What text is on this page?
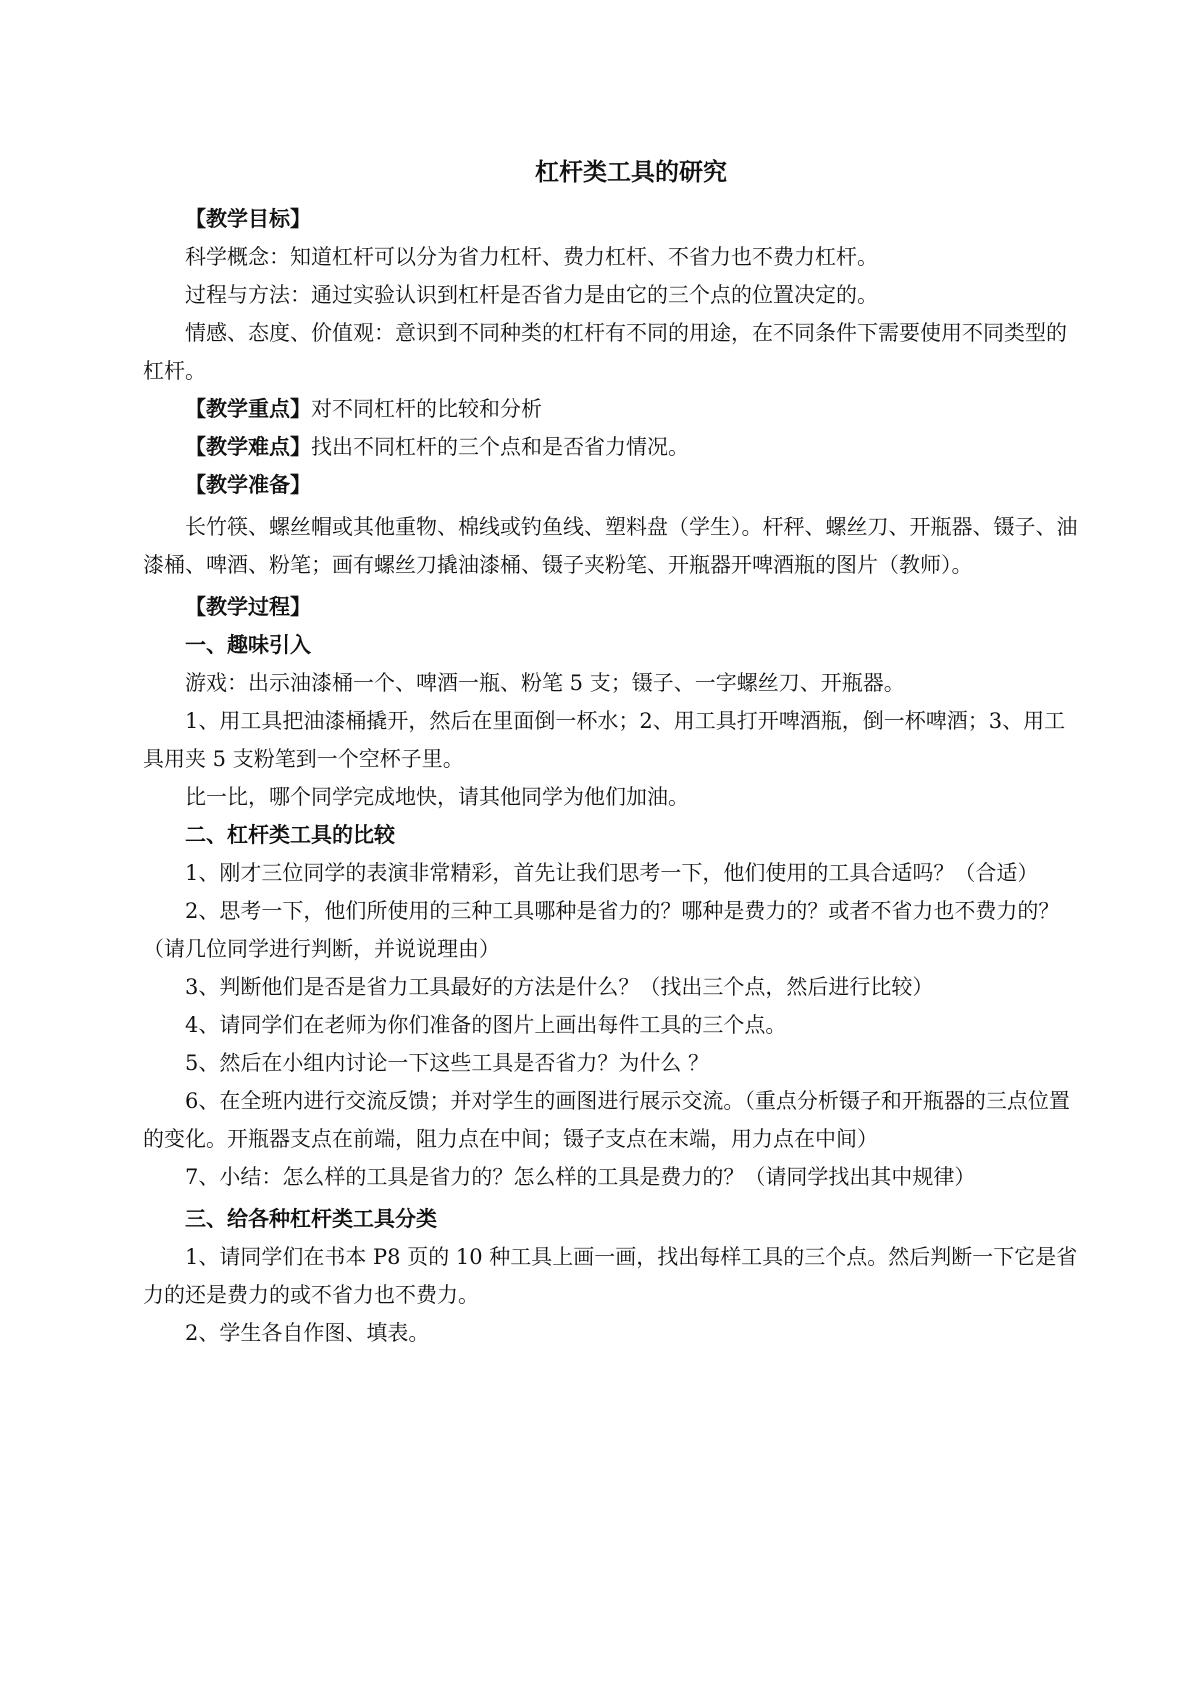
杠杆类工具的研究

【教学目标】

科学概念：知道杠杆可以分为省力杠杆、费力杠杆、不省力也不费力杠杆。

过程与方法：通过实验认识到杠杆是否省力是由它的三个点的位置决定的。

情感、态度、价值观：意识到不同种类的杠杆有不同的用途，在不同条件下需要使用不同类型的杠杆。

【教学重点】对不同杠杆的比较和分析

【教学难点】找出不同杠杆的三个点和是否省力情况。

【教学准备】

长竹筷、螺丝帽或其他重物、棉线或钓鱼线、塑料盘（学生）。杆秤、螺丝刀、开瓶器、镊子、油漆桶、啤酒、粉笔；画有螺丝刀撬油漆桶、镊子夹粉笔、开瓶器开啤酒瓶的图片（教师）。

【教学过程】

一、趣味引入

游戏：出示油漆桶一个、啤酒一瓶、粉笔 5 支；镊子、一字螺丝刀、开瓶器。

1、用工具把油漆桶撬开，然后在里面倒一杯水；2、用工具打开啤酒瓶，倒一杯啤酒；3、用工具用夹 5 支粉笔到一个空杯子里。

比一比，哪个同学完成地快，请其他同学为他们加油。

二、杠杆类工具的比较

1、刚才三位同学的表演非常精彩，首先让我们思考一下，他们使用的工具合适吗？（合适）

2、思考一下，他们所使用的三种工具哪种是省力的？哪种是费力的？或者不省力也不费力的？（请几位同学进行判断，并说说理由）

3、判断他们是否是省力工具最好的方法是什么？（找出三个点，然后进行比较）

4、请同学们在老师为你们准备的图片上画出每件工具的三个点。

5、然后在小组内讨论一下这些工具是否省力？为什么 ？

6、在全班内进行交流反馈；并对学生的画图进行展示交流。（重点分析镊子和开瓶器的三点位置的变化。开瓶器支点在前端，阻力点在中间；镊子支点在末端，用力点在中间）

7、小结：怎么样的工具是省力的？怎么样的工具是费力的？（请同学找出其中规律）

三、给各种杠杆类工具分类

1、请同学们在书本 P8 页的 10 种工具上画一画，找出每样工具的三个点。然后判断一下它是省力的还是费力的或不省力也不费力。

2、学生各自作图、填表。
